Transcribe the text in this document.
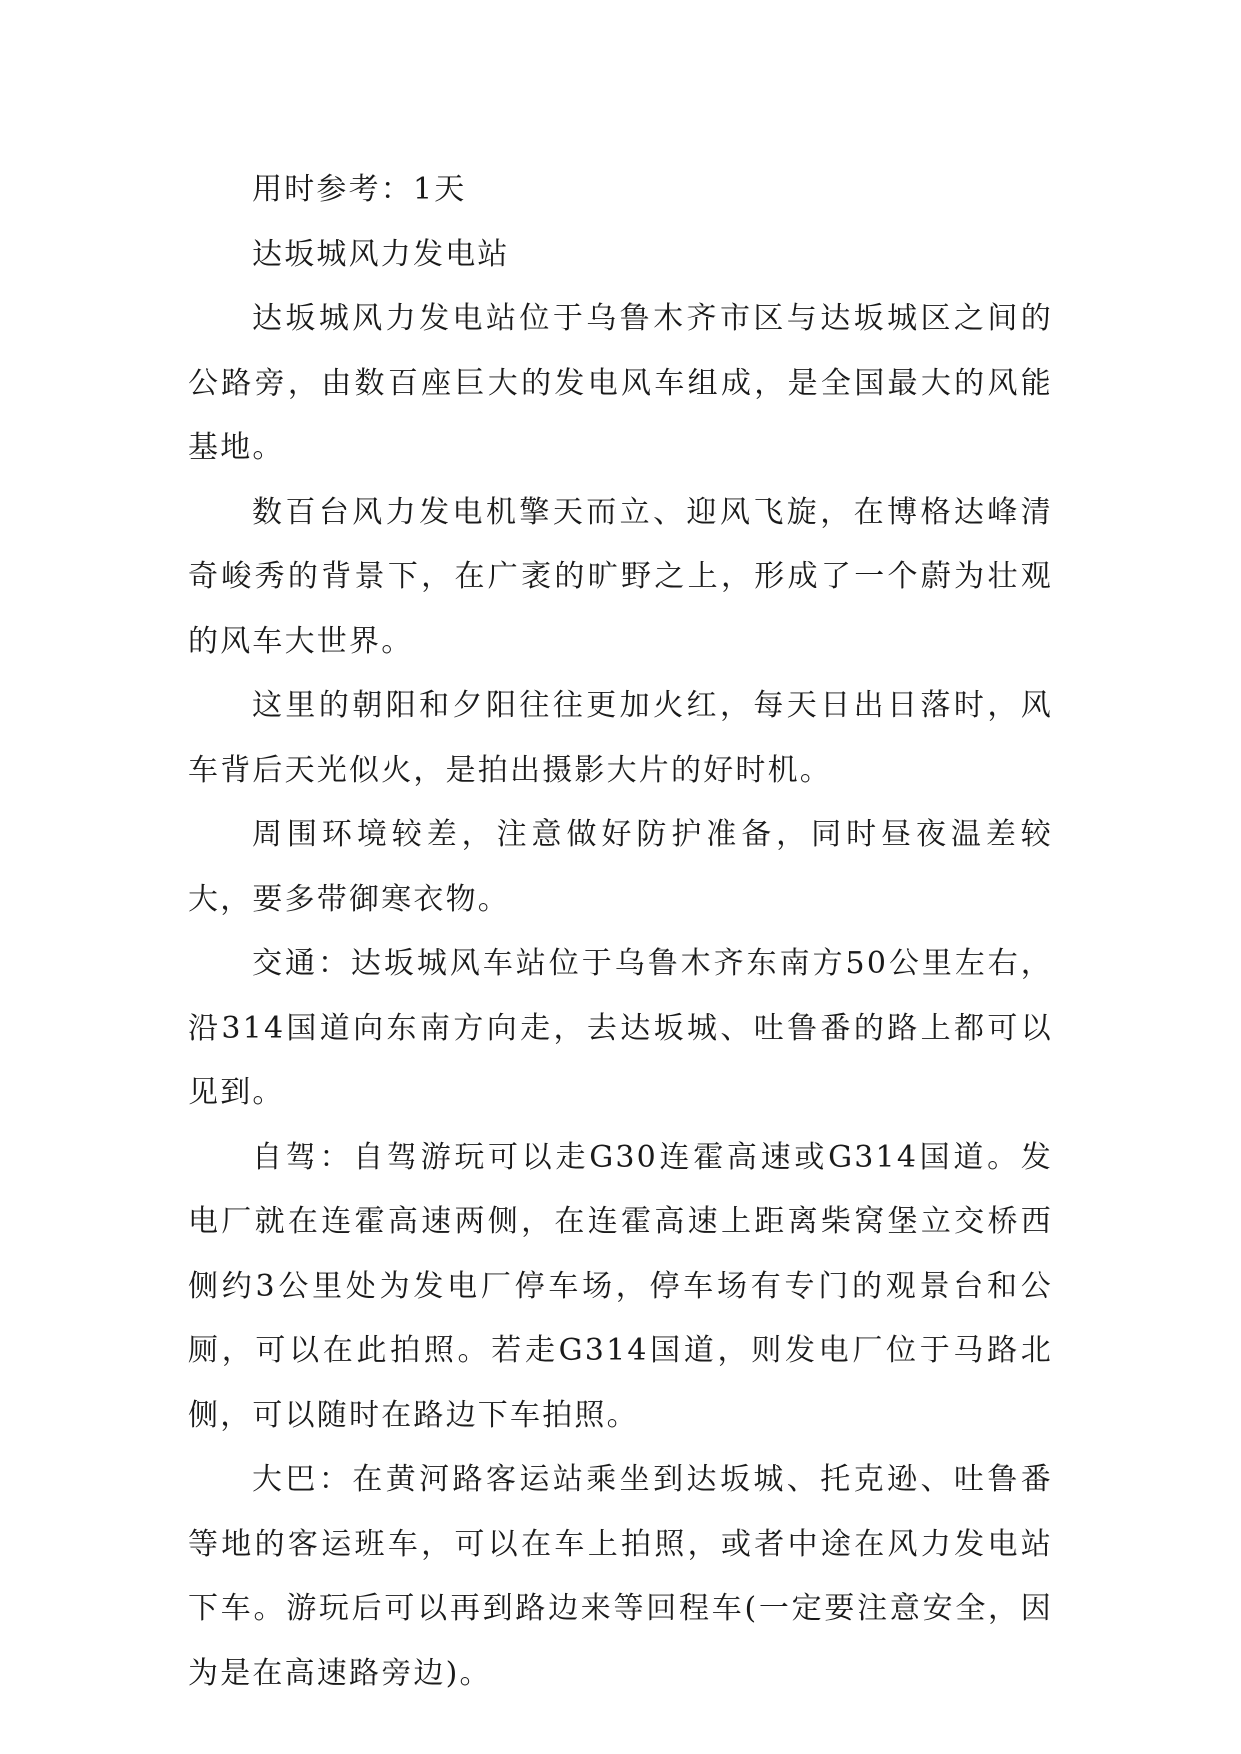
用时参考：1天

达坂城风力发电站

达坂城风力发电站位于乌鲁木齐市区与达坂城区之间的公路旁，由数百座巨大的发电风车组成，是全国最大的风能基地。

数百台风力发电机擎天而立、迎风飞旋，在博格达峰清奇峻秀的背景下，在广袤的旷野之上，形成了一个蔚为壮观的风车大世界。

这里的朝阳和夕阳往往更加火红，每天日出日落时，风车背后天光似火，是拍出摄影大片的好时机。

周围环境较差，注意做好防护准备，同时昼夜温差较大，要多带御寒衣物。

交通：达坂城风车站位于乌鲁木齐东南方50公里左右，沿314国道向东南方向走，去达坂城、吐鲁番的路上都可以见到。

自驾：自驾游玩可以走G30连霍高速或G314国道。发电厂就在连霍高速两侧，在连霍高速上距离柴窝堡立交桥西侧约3公里处为发电厂停车场，停车场有专门的观景台和公厕，可以在此拍照。若走G314国道，则发电厂位于马路北侧，可以随时在路边下车拍照。

大巴：在黄河路客运站乘坐到达坂城、托克逊、吐鲁番等地的客运班车，可以在车上拍照，或者中途在风力发电站下车。游玩后可以再到路边来等回程车(一定要注意安全，因为是在高速路旁边)。
